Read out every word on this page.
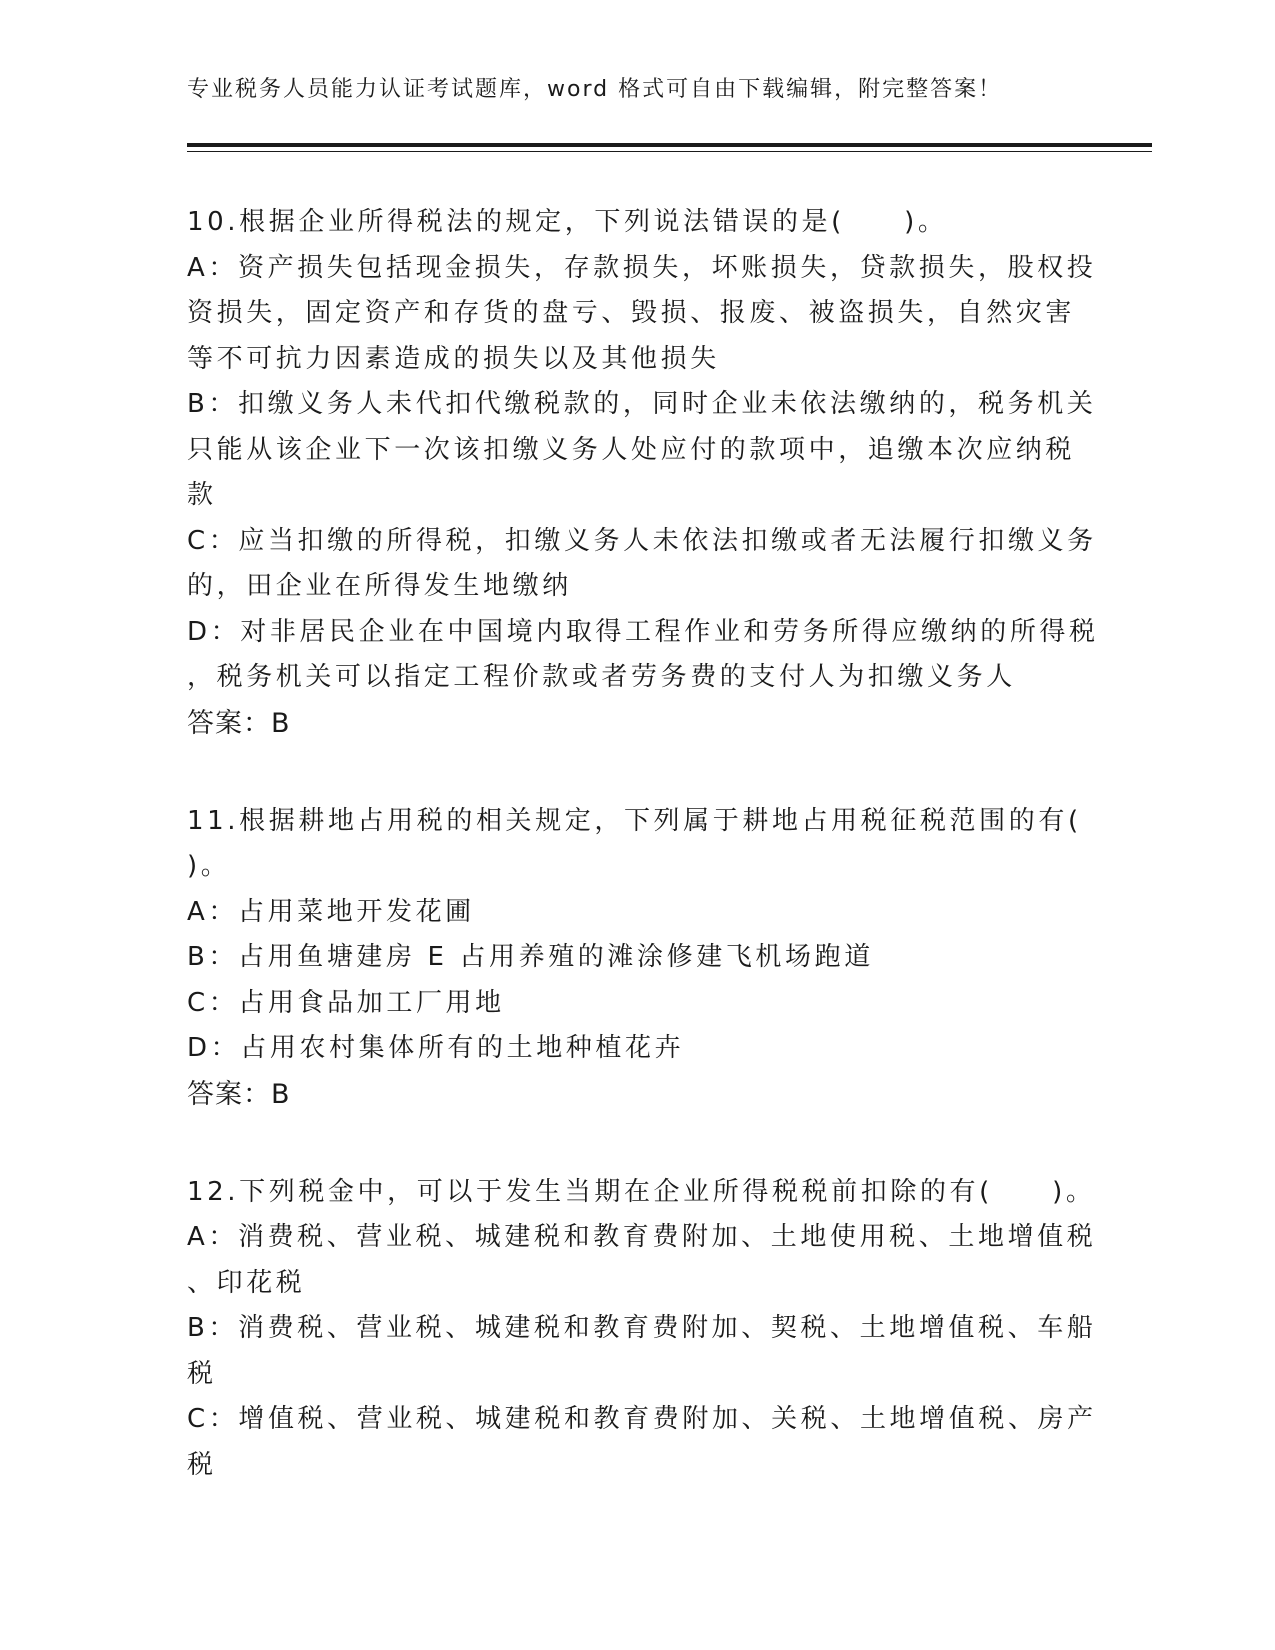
专业税务人员能力认证考试题库，word 格式可自由下载编辑，附完整答案！
10.根据企业所得税法的规定，下列说法错误的是(　　)。
A：资产损失包括现金损失，存款损失，坏账损失，贷款损失，股权投
资损失，固定资产和存货的盘亏、毁损、报废、被盗损失，自然灾害
等不可抗力因素造成的损失以及其他损失
B：扣缴义务人未代扣代缴税款的，同时企业未依法缴纳的，税务机关
只能从该企业下一次该扣缴义务人处应付的款项中，追缴本次应纳税
款
C：应当扣缴的所得税，扣缴义务人未依法扣缴或者无法履行扣缴义务
的，田企业在所得发生地缴纳
D：对非居民企业在中国境内取得工程作业和劳务所得应缴纳的所得税
，税务机关可以指定工程价款或者劳务费的支付人为扣缴义务人
答案：B
11.根据耕地占用税的相关规定，下列属于耕地占用税征税范围的有(
)。
A：占用菜地开发花圃
B：占用鱼塘建房 E 占用养殖的滩涂修建飞机场跑道
C：占用食品加工厂用地
D：占用农村集体所有的土地种植花卉
答案：B
12.下列税金中，可以于发生当期在企业所得税税前扣除的有(　　)。
A：消费税、营业税、城建税和教育费附加、土地使用税、土地增值税
、印花税
B：消费税、营业税、城建税和教育费附加、契税、土地增值税、车船
税
C：增值税、营业税、城建税和教育费附加、关税、土地增值税、房产
税
